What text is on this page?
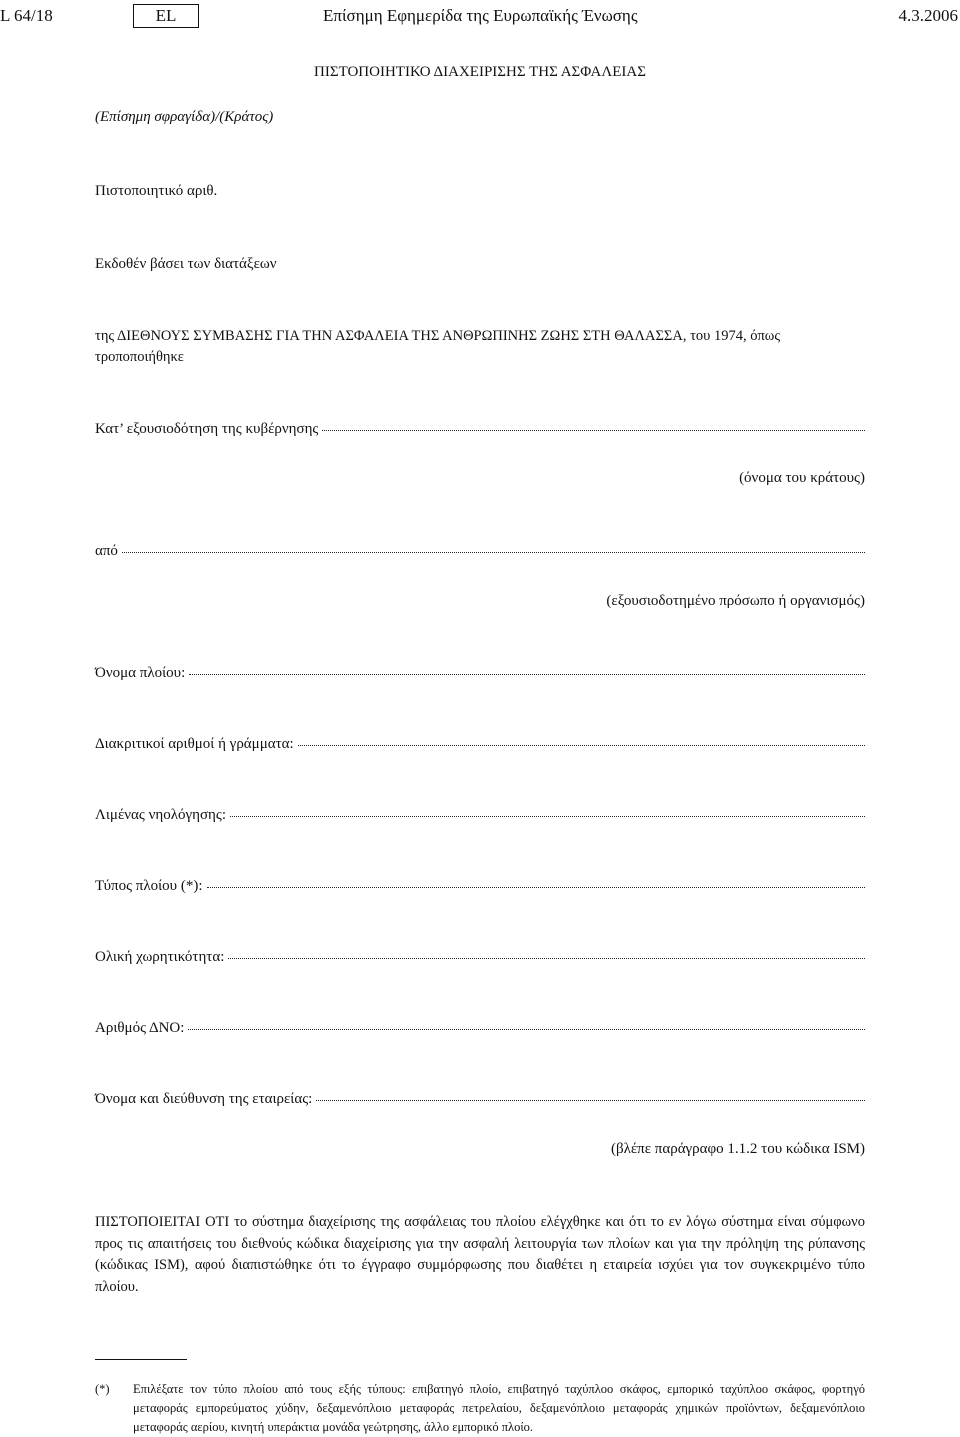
L 64/18	EL	Επίσημη Εφημερίδα της Ευρωπαϊκής Ένωσης	4.3.2006
ΠΙΣΤΟΠΟΙΗΤΙΚΟ ΔΙΑΧΕΙΡΙΣΗΣ ΤΗΣ ΑΣΦΑΛΕΙΑΣ
(Επίσημη σφραγίδα)/(Κράτος)
Πιστοποιητικό αριθ.
Εκδοθέν βάσει των διατάξεων
της ΔΙΕΘΝΟΥΣ ΣΥΜΒΑΣΗΣ ΓΙΑ ΤΗΝ ΑΣΦΑΛΕΙΑ ΤΗΣ ΑΝΘΡΩΠΙΝΗΣ ΖΩΗΣ ΣΤΗ ΘΑΛΑΣΣΑ, του 1974, όπως τροποποιήθηκε
Κατ’ εξουσιοδότηση της κυβέρνησης
(όνομα του κράτους)
από
(εξουσιοδοτημένο πρόσωπο ή οργανισμός)
Όνομα πλοίου:
Διακριτικοί αριθμοί ή γράμματα:
Λιμένας νηολόγησης:
Τύπος πλοίου (*):
Ολική χωρητικότητα:
Αριθμός ΔΝΟ:
Όνομα και διεύθυνση της εταιρείας:
(βλέπε παράγραφο 1.1.2 του κώδικα ISM)
ΠΙΣΤΟΠΟΙΕΙΤΑΙ ΟΤΙ το σύστημα διαχείρισης της ασφάλειας του πλοίου ελέγχθηκε και ότι το εν λόγω σύστημα είναι σύμφωνο προς τις απαιτήσεις του διεθνούς κώδικα διαχείρισης για την ασφαλή λειτουργία των πλοίων και για την πρόληψη της ρύπανσης (κώδικας ISM), αφού διαπιστώθηκε ότι το έγγραφο συμμόρφωσης που διαθέτει η εταιρεία ισχύει για τον συγκεκριμένο τύπο πλοίου.
(*) Επιλέξατε τον τύπο πλοίου από τους εξής τύπους: επιβατηγό πλοίο, επιβατηγό ταχύπλοο σκάφος, εμπορικό ταχύπλοο σκάφος, φορτηγό μεταφοράς εμπορεύματος χύδην, δεξαμενόπλοιο μεταφοράς πετρελαίου, δεξαμενόπλοιο μεταφοράς χημικών προϊόντων, δεξαμενόπλοιο μεταφοράς αερίου, κινητή υπεράκτια μονάδα γεώτρησης, άλλο εμπορικό πλοίο.
